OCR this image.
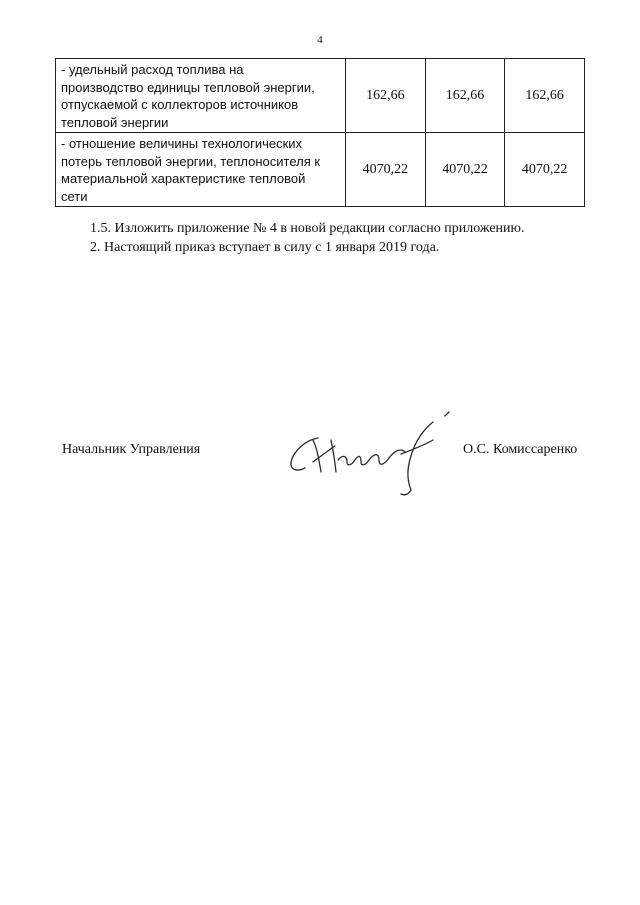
4
- удельный расход топлива на
производство единицы тепловой энергии,
отпускаемой с коллекторов источников
тепловой энергии	162,66	162,66	162,66

- отношение величины технологических
потерь тепловой энергии, теплоносителя к
материальной характеристике тепловой
сети	4070,22	4070,22	4070,22
1.5. Изложить приложение № 4 в новой редакции согласно приложению.
2. Настоящий приказ вступает в силу с 1 января 2019 года.
Начальник Управления	О.С. Комиссаренко
